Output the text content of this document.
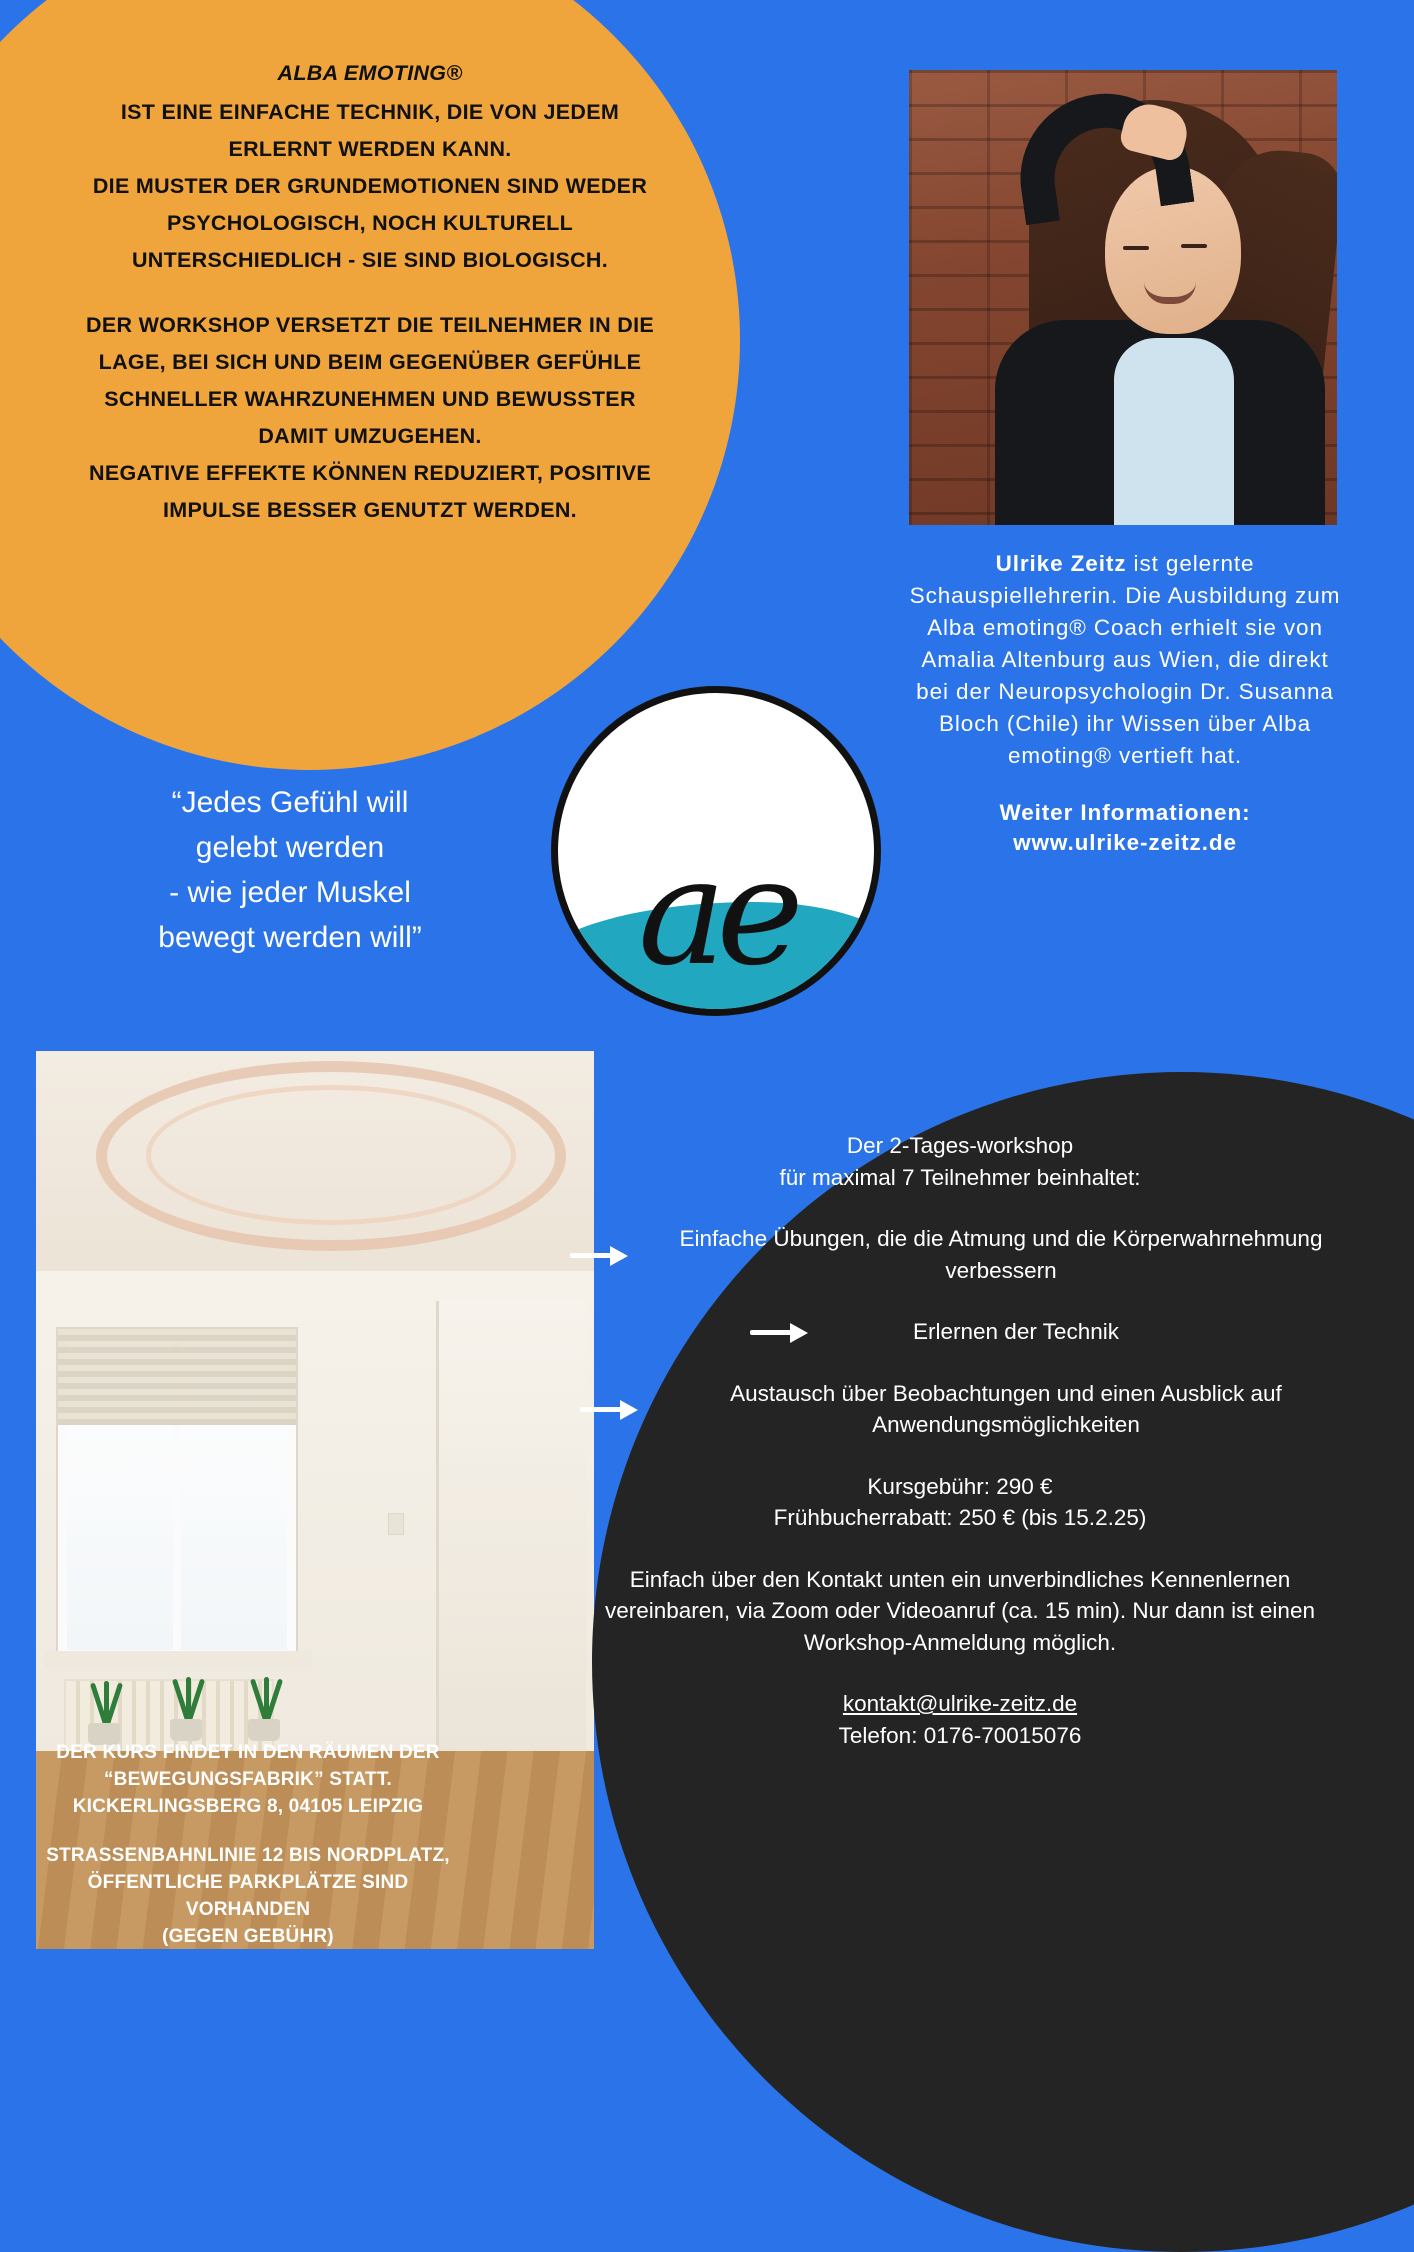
ALBA EMOTING®

IST EINE EINFACHE TECHNIK, DIE VON JEDEM

ERLERNT WERDEN KANN.

DIE MUSTER DER GRUNDEMOTIONEN SIND WEDER

PSYCHOLOGISCH, NOCH KULTURELL

UNTERSCHIEDLICH - SIE SIND BIOLOGISCH.

DER WORKSHOP VERSETZT DIE TEILNEHMER IN DIE

LAGE, BEI SICH UND BEIM GEGENÜBER GEFÜHLE

SCHNELLER WAHRZUNEHMEN UND BEWUSSTER

DAMIT UMZUGEHEN.

NEGATIVE EFFEKTE KÖNNEN REDUZIERT, POSITIVE

IMPULSE BESSER GENUTZT WERDEN.

Ulrike Zeitz ist gelernte Schauspiellehrerin. Die Ausbildung zum Alba emoting® Coach erhielt sie von Amalia Altenburg aus Wien, die direkt bei der Neuropsychologin Dr. Susanna Bloch (Chile) ihr Wissen über Alba emoting® vertieft hat.
Weiter Informationen:
www.ulrike-zeitz.de
“Jedes Gefühl will
gelebt werden
- wie jeder Muskel
bewegt werden will”	ae
Der 2-Tages-workshop
für maximal 7 Teilnehmer beinhaltet:
Einfache Übungen, die die Atmung und die Körperwahrnehmung verbessern
Erlernen der Technik
Austausch über Beobachtungen und einen Ausblick auf Anwendungsmöglichkeiten
Kursgebühr: 290 €
Frühbucherrabatt: 250 € (bis 15.2.25)
Einfach über den Kontakt unten ein unverbindliches Kennenlernen vereinbaren, via Zoom oder Videoanruf (ca. 15 min). Nur dann ist einen Workshop-Anmeldung möglich.
kontakt@ulrike-zeitz.de
Telefon: 0176-70015076
DER KURS FINDET IN DEN RÄUMEN DER
“BEWEGUNGSFABRIK” STATT.
KICKERLINGSBERG 8, 04105 LEIPZIG
STRASSENBAHNLINIE 12 BIS NORDPLATZ,
ÖFFENTLICHE PARKPLÄTZE SIND VORHANDEN
(GEGEN GEBÜHR)
